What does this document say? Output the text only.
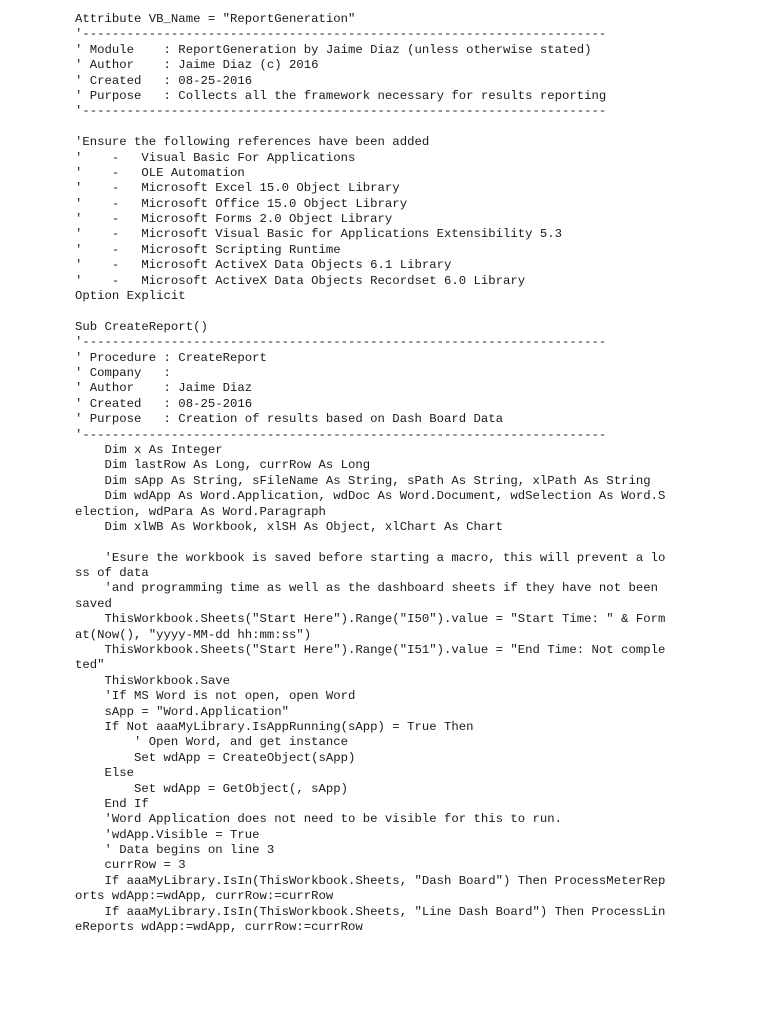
Attribute VB_Name = "ReportGeneration"
'-----------------------------------------------------------------------
' Module    : ReportGeneration by Jaime Diaz (unless otherwise stated)
' Author    : Jaime Diaz (c) 2016
' Created   : 08-25-2016
' Purpose   : Collects all the framework necessary for results reporting
'-----------------------------------------------------------------------
'Ensure the following references have been added
'    -   Visual Basic For Applications
'    -   OLE Automation
'    -   Microsoft Excel 15.0 Object Library
'    -   Microsoft Office 15.0 Object Library
'    -   Microsoft Forms 2.0 Object Library
'    -   Microsoft Visual Basic for Applications Extensibility 5.3
'    -   Microsoft Scripting Runtime
'    -   Microsoft ActiveX Data Objects 6.1 Library
'    -   Microsoft ActiveX Data Objects Recordset 6.0 Library
Option Explicit
Sub CreateReport()
'-----------------------------------------------------------------------
' Procedure : CreateReport
' Company   :
' Author    : Jaime Diaz
' Created   : 08-25-2016
' Purpose   : Creation of results based on Dash Board Data
'-----------------------------------------------------------------------
Dim x As Integer
Dim lastRow As Long, currRow As Long
Dim sApp As String, sFileName As String, sPath As String, xlPath As String
Dim wdApp As Word.Application, wdDoc As Word.Document, wdSelection As Word.S
election, wdPara As Word.Paragraph
Dim xlWB As Workbook, xlSH As Object, xlChart As Chart
'Esure the workbook is saved before starting a macro, this will prevent a lo
ss of data
'and programming time as well as the dashboard sheets if they have not been
saved
ThisWorkbook.Sheets("Start Here").Range("I50").value = "Start Time: " & Form
at(Now(), "yyyy-MM-dd hh:mm:ss")
ThisWorkbook.Sheets("Start Here").Range("I51").value = "End Time: Not comple
ted"
ThisWorkbook.Save
'If MS Word is not open, open Word
sApp = "Word.Application"
If Not aaaMyLibrary.IsAppRunning(sApp) = True Then
' Open Word, and get instance
Set wdApp = CreateObject(sApp)
Else
Set wdApp = GetObject(, sApp)
End If
'Word Application does not need to be visible for this to run.
'wdApp.Visible = True
' Data begins on line 3
currRow = 3
If aaaMyLibrary.IsIn(ThisWorkbook.Sheets, "Dash Board") Then ProcessMeterRep
orts wdApp:=wdApp, currRow:=currRow
If aaaMyLibrary.IsIn(ThisWorkbook.Sheets, "Line Dash Board") Then ProcessLin
eReports wdApp:=wdApp, currRow:=currRow
